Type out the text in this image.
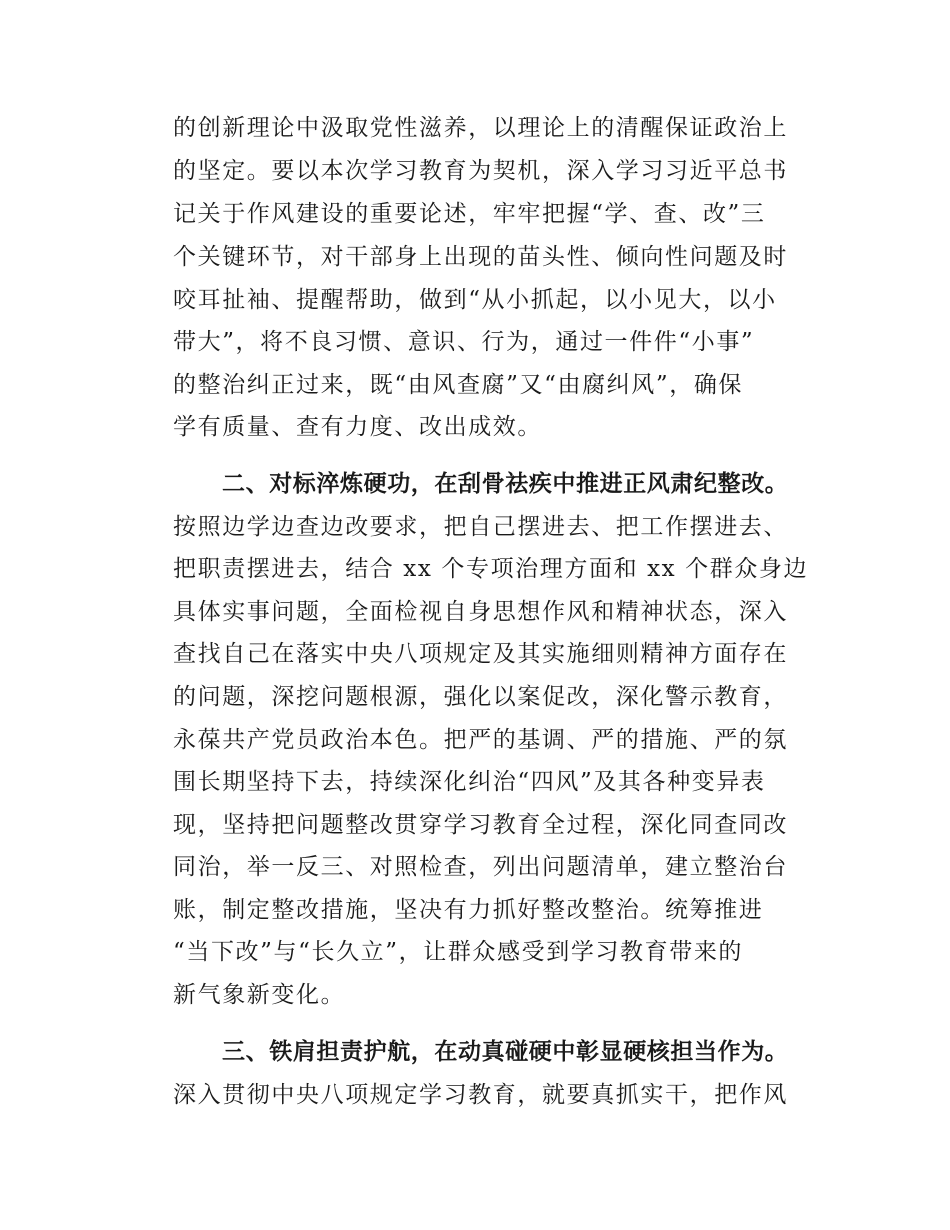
的创新理论中汲取党性滋养，以理论上的清醒保证政治上
的坚定。要以本次学习教育为契机，深入学习习近平总书
记关于作风建设的重要论述，牢牢把握“学、查、改”三
个关键环节，对干部身上出现的苗头性、倾向性问题及时
咬耳扯袖、提醒帮助，做到“从小抓起，以小见大，以小
带大”，将不良习惯、意识、行为，通过一件件“小事”
的整治纠正过来，既“由风查腐”又“由腐纠风”，确保
学有质量、查有力度、改出成效。
二、对标淬炼硬功，在刮骨祛疾中推进正风肃纪整改。
按照边学边查边改要求，把自己摆进去、把工作摆进去、
把职责摆进去，结合 xx 个专项治理方面和 xx 个群众身边
具体实事问题，全面检视自身思想作风和精神状态，深入
查找自己在落实中央八项规定及其实施细则精神方面存在
的问题，深挖问题根源，强化以案促改，深化警示教育，
永葆共产党员政治本色。把严的基调、严的措施、严的氛
围长期坚持下去，持续深化纠治“四风”及其各种变异表
现，坚持把问题整改贯穿学习教育全过程，深化同查同改
同治，举一反三、对照检查，列出问题清单，建立整治台
账，制定整改措施，坚决有力抓好整改整治。统筹推进
“当下改”与“长久立”，让群众感受到学习教育带来的
新气象新变化。
三、铁肩担责护航，在动真碰硬中彰显硬核担当作为。
深入贯彻中央八项规定学习教育，就要真抓实干，把作风
